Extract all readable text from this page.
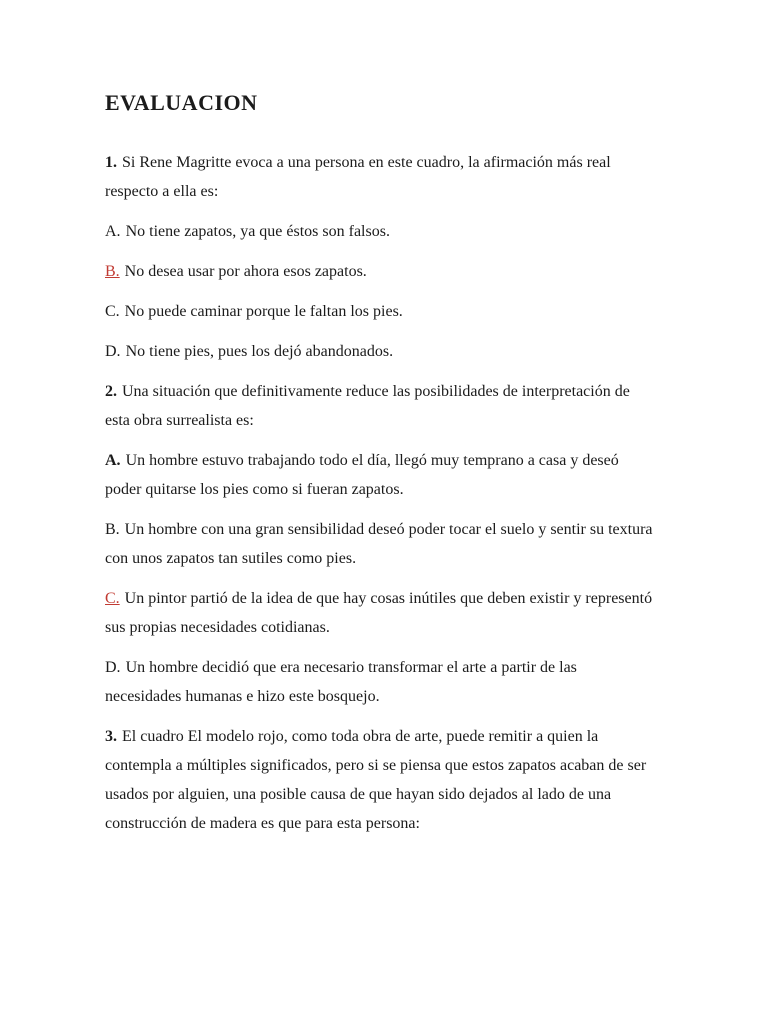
EVALUACION

1. Si Rene Magritte evoca a una persona en este cuadro, la afirmación más real
respecto a ella es:

A. No tiene zapatos, ya que éstos son falsos.

B. No desea usar por ahora esos zapatos.

C. No puede caminar porque le faltan los pies.

D. No tiene pies, pues los dejó abandonados.

2. Una situación que definitivamente reduce las posibilidades de interpretación de
esta obra surrealista es:

A. Un hombre estuvo trabajando todo el día, llegó muy temprano a casa y deseó
poder quitarse los pies como si fueran zapatos.

B. Un hombre con una gran sensibilidad deseó poder tocar el suelo y sentir su textura
con unos zapatos tan sutiles como pies.

C. Un pintor partió de la idea de que hay cosas inútiles que deben existir y representó
sus propias necesidades cotidianas.

D. Un hombre decidió que era necesario transformar el arte a partir de las
necesidades humanas e hizo este bosquejo.

3. El cuadro El modelo rojo, como toda obra de arte, puede remitir a quien la
contempla a múltiples significados, pero si se piensa que estos zapatos acaban de ser
usados por alguien, una posible causa de que hayan sido dejados al lado de una
construcción de madera es que para esta persona:
